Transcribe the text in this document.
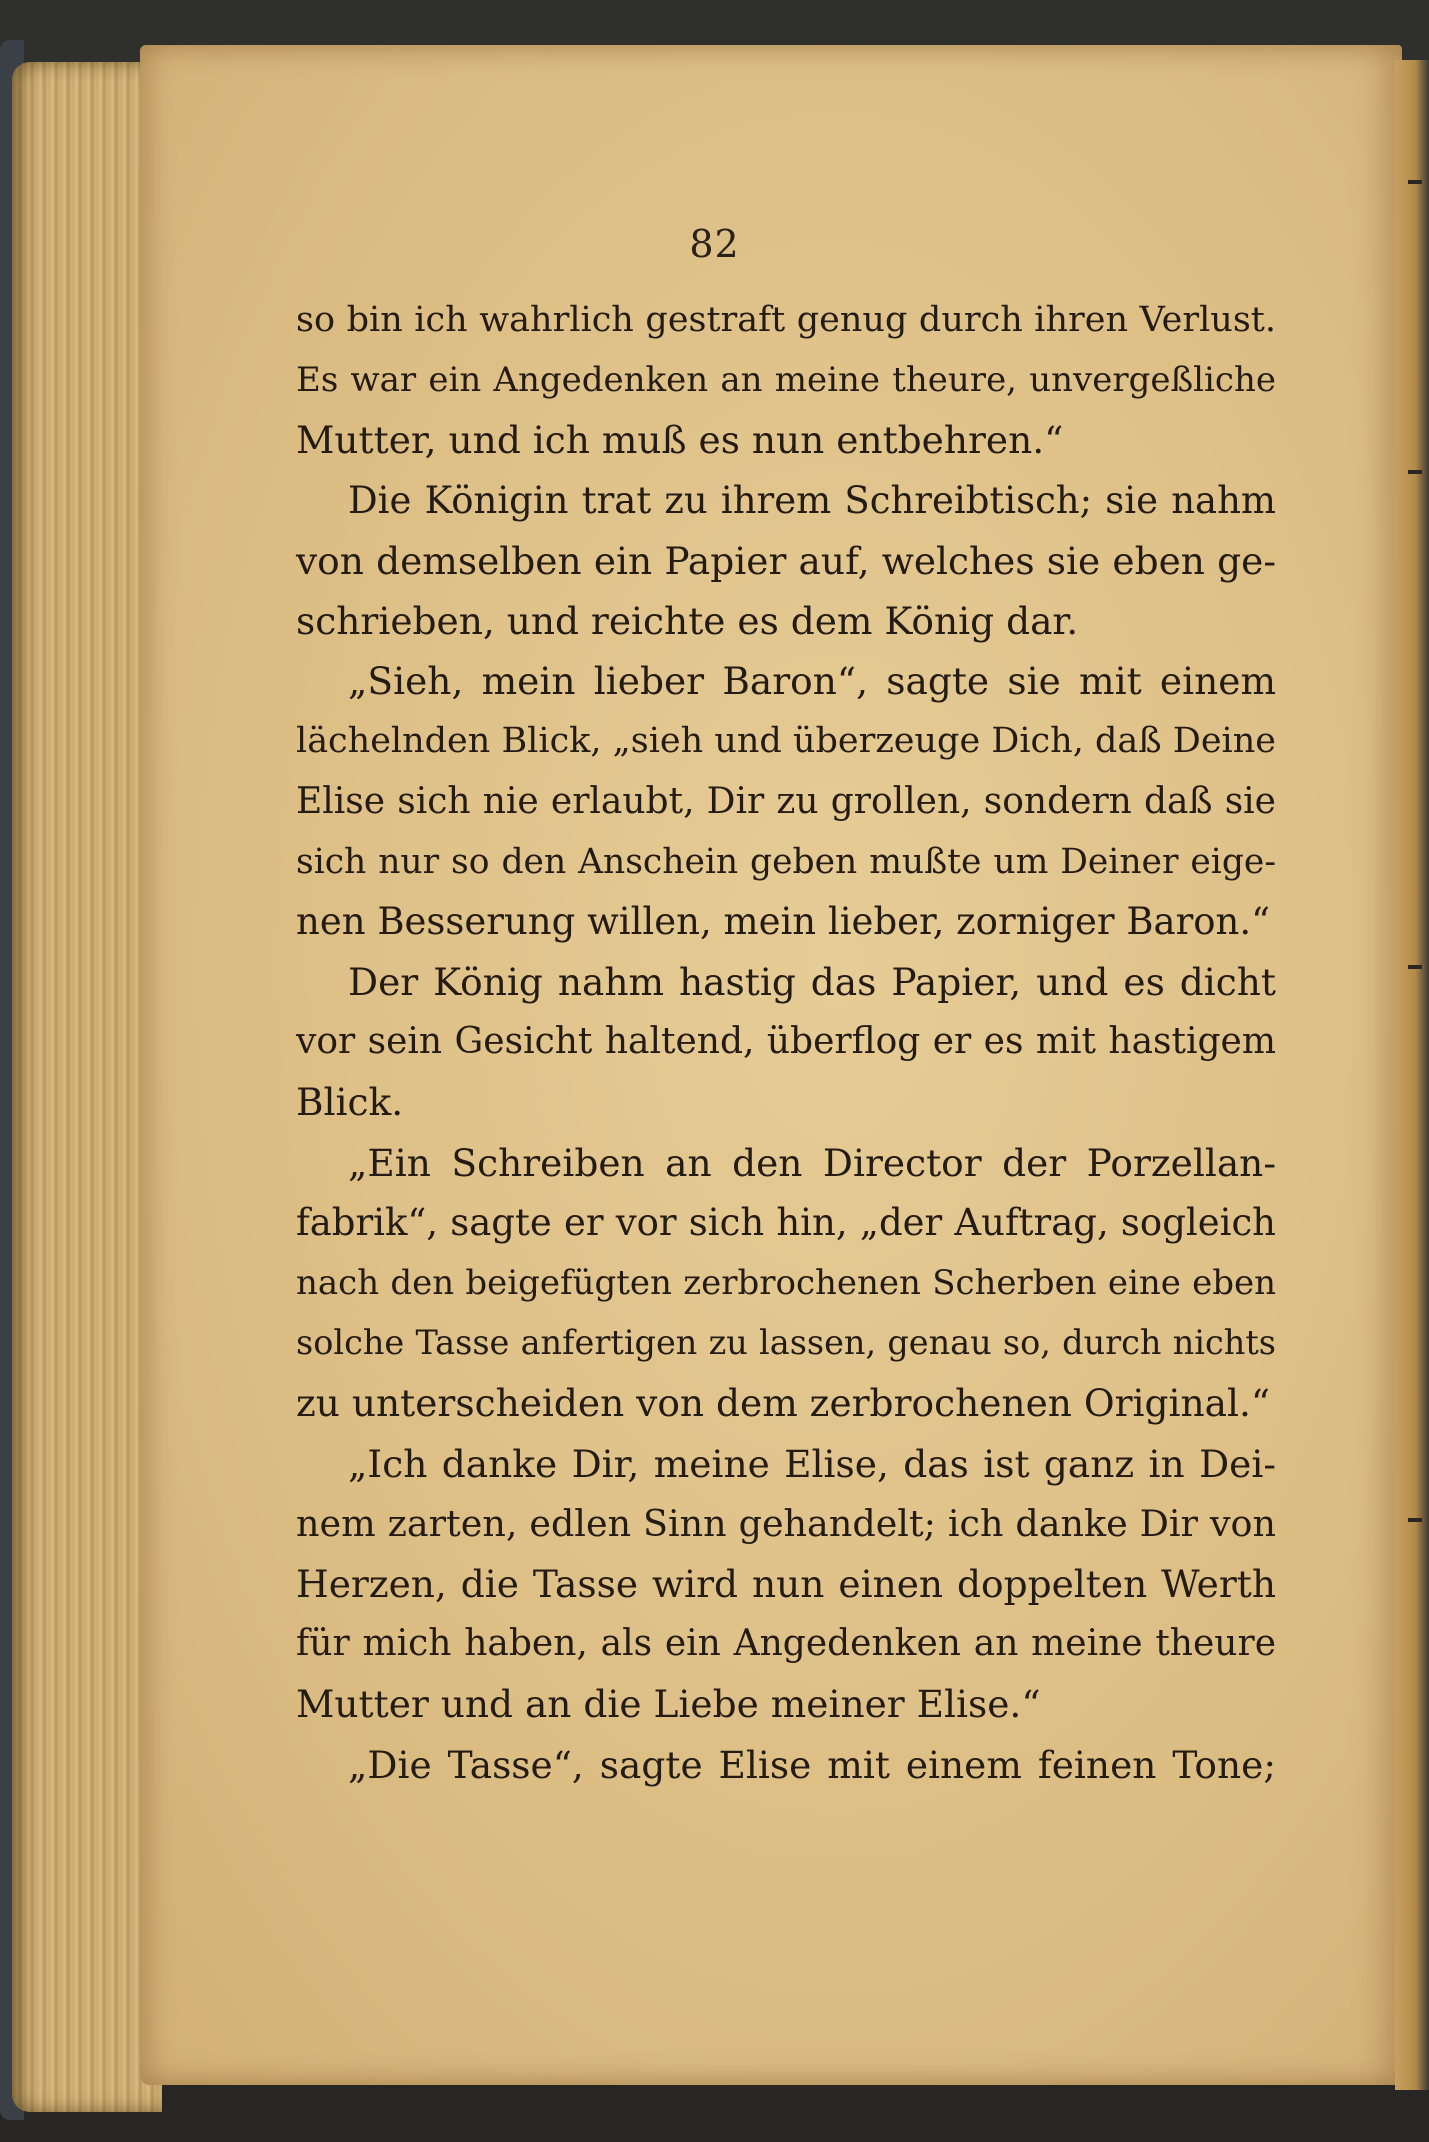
82
so bin ich wahrlich gestraft genug durch ihren Verlust.
Es war ein Angedenken an meine theure, unvergeßliche
Mutter, und ich muß es nun entbehren.“
Die Königin trat zu ihrem Schreibtisch; sie nahm
von demselben ein Papier auf, welches sie eben ge-
schrieben, und reichte es dem König dar.
„Sieh, mein lieber Baron“, sagte sie mit einem
lächelnden Blick, „sieh und überzeuge Dich, daß Deine
Elise sich nie erlaubt, Dir zu grollen, sondern daß sie
sich nur so den Anschein geben mußte um Deiner eige-
nen Besserung willen, mein lieber, zorniger Baron.“
Der König nahm hastig das Papier, und es dicht
vor sein Gesicht haltend, überflog er es mit hastigem
Blick.
„Ein Schreiben an den Director der Porzellan-
fabrik“, sagte er vor sich hin, „der Auftrag, sogleich
nach den beigefügten zerbrochenen Scherben eine eben
solche Tasse anfertigen zu lassen, genau so, durch nichts
zu unterscheiden von dem zerbrochenen Original.“
„Ich danke Dir, meine Elise, das ist ganz in Dei-
nem zarten, edlen Sinn gehandelt; ich danke Dir von
Herzen, die Tasse wird nun einen doppelten Werth
für mich haben, als ein Angedenken an meine theure
Mutter und an die Liebe meiner Elise.“
„Die Tasse“, sagte Elise mit einem feinen Tone;
